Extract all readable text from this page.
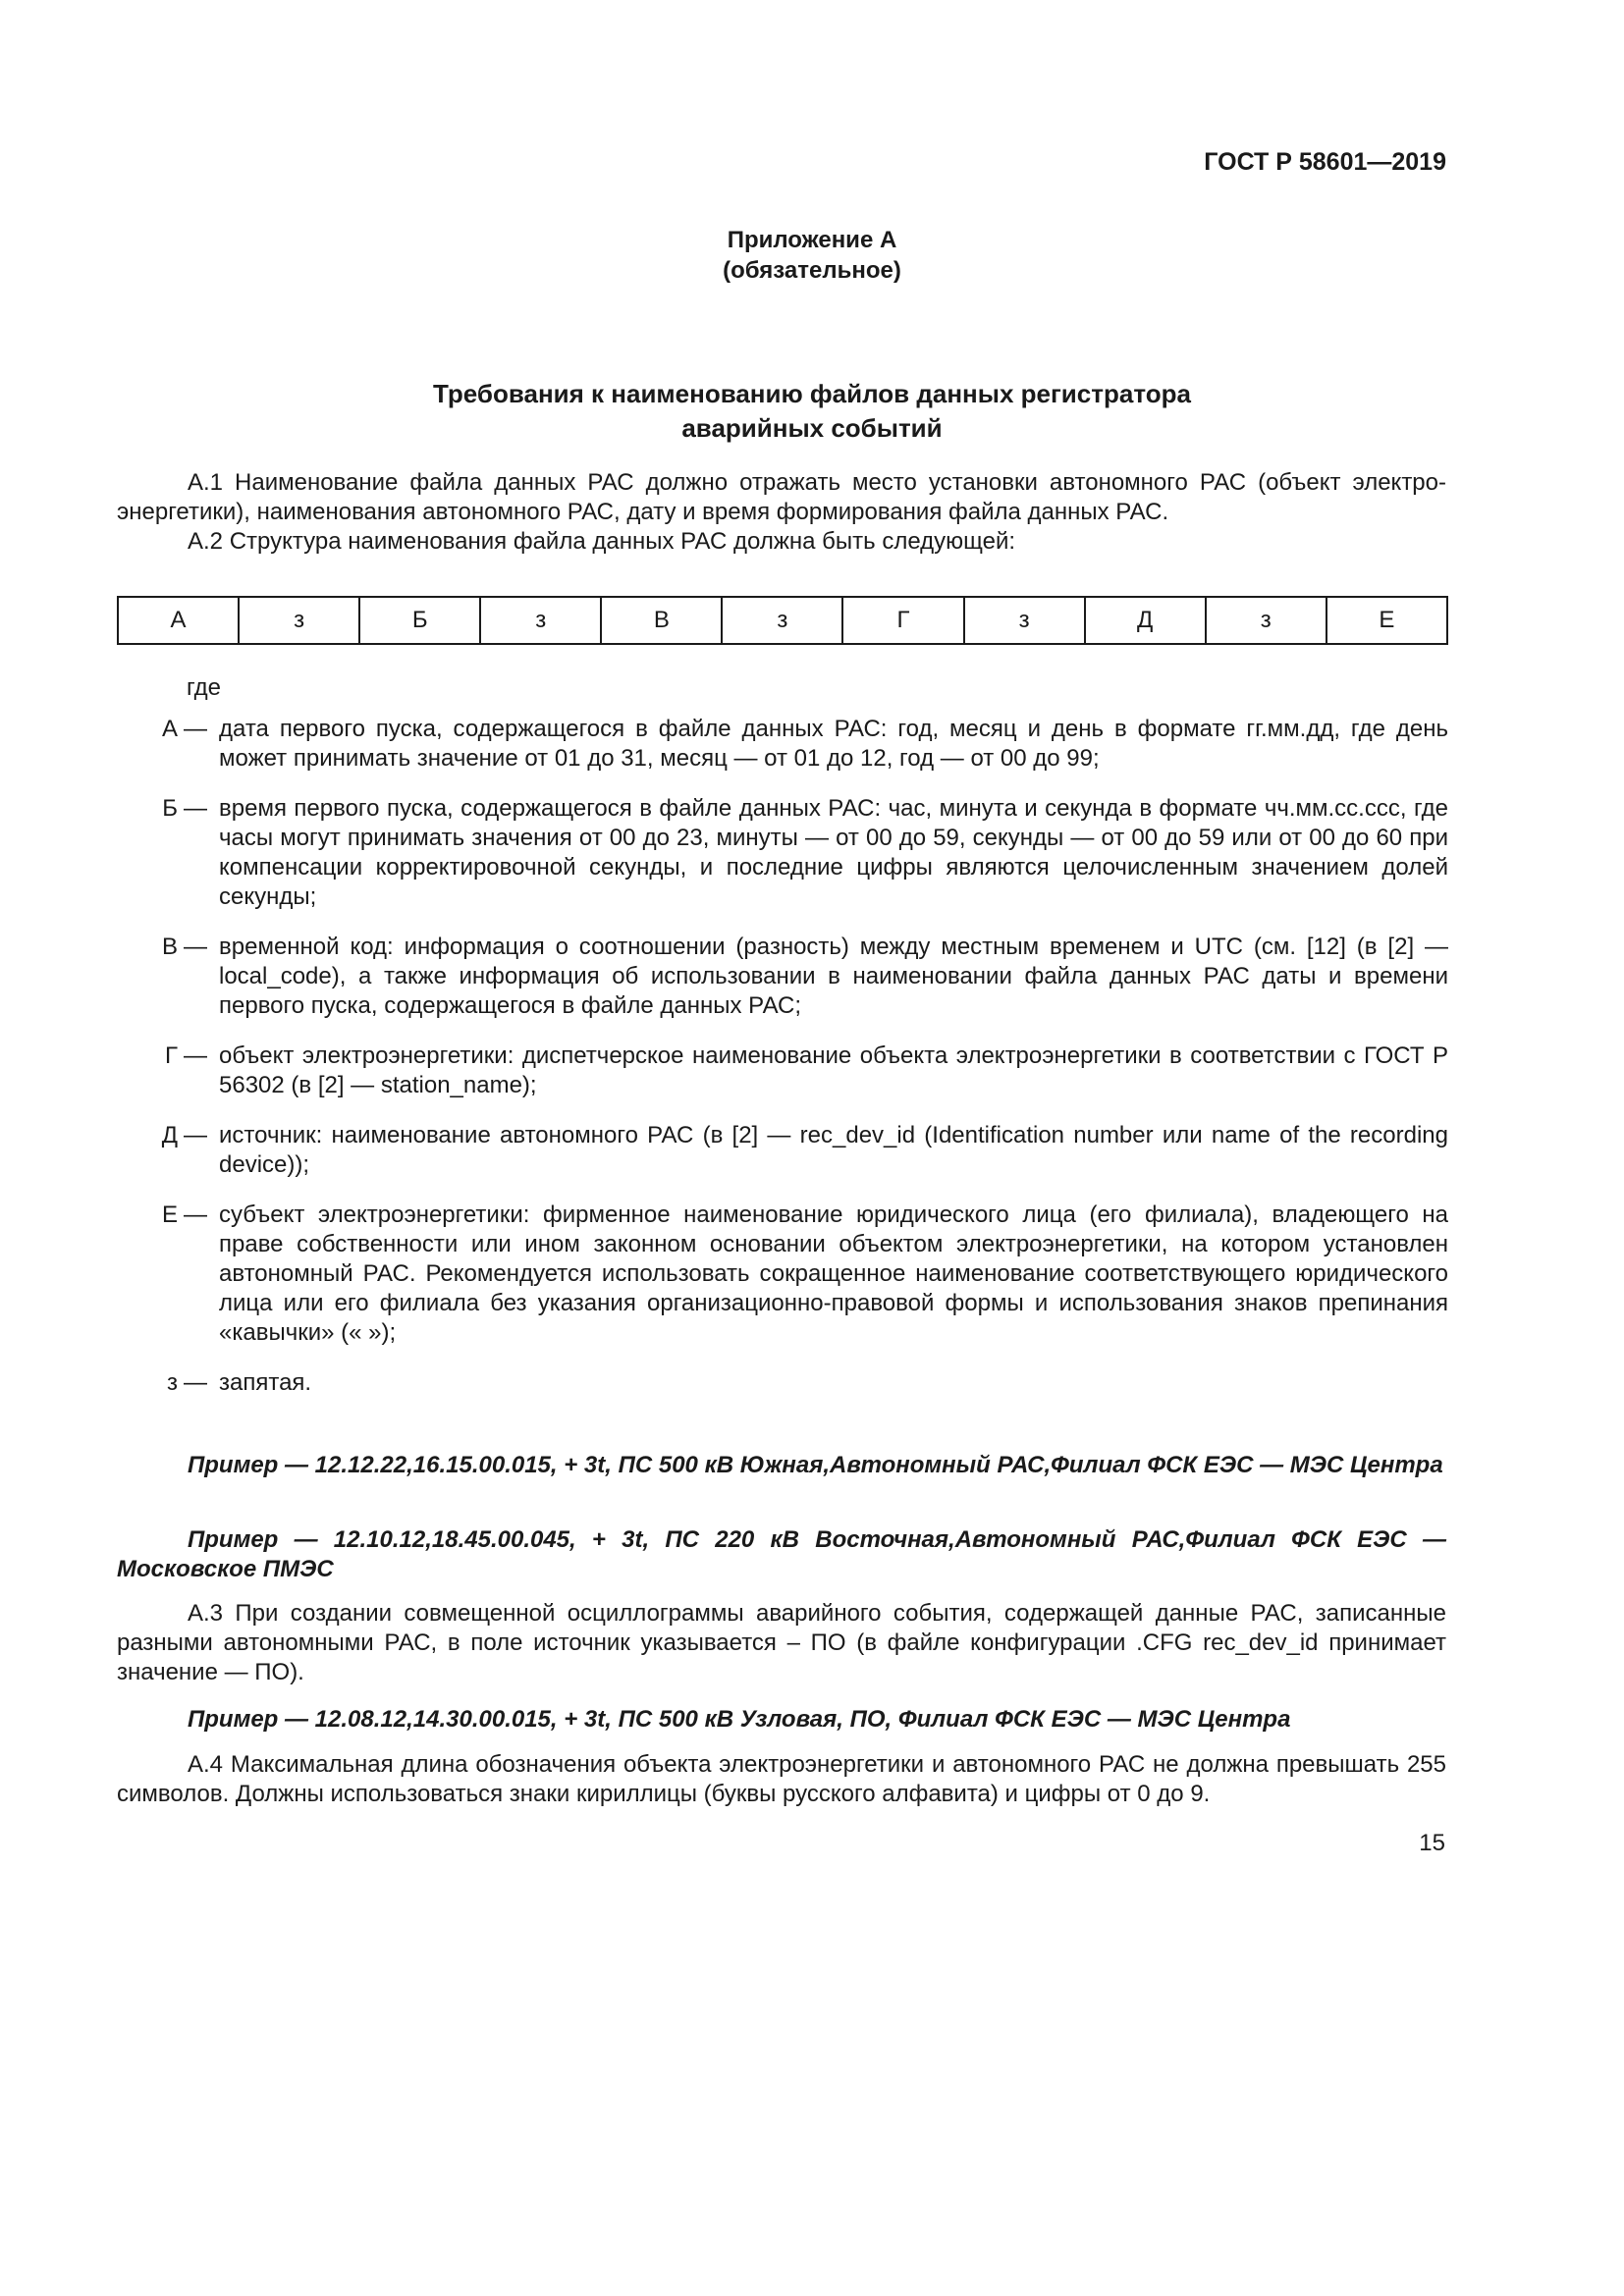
ГОСТ Р 58601—2019
Приложение А
(обязательное)
Требования к наименованию файлов данных регистратора
аварийных событий
А.1 Наименование файла данных РАС должно отражать место установки автономного РАС (объект электро-энергетики), наименования автономного РАС, дату и время формирования файла данных РАС.
А.2 Структура наименования файла данных РАС должна быть следующей:
А	з	Б	з	В	з	Г	з	Д	з	Е
где
А — дата первого пуска, содержащегося в файле данных РАС: год, месяц и день в формате гг.мм.дд, где день может принимать значение от 01 до 31, месяц — от 01 до 12, год — от 00 до 99;
Б — время первого пуска, содержащегося в файле данных РАС: час, минута и секунда в формате чч.мм.сс.ссс, где часы могут принимать значения от 00 до 23, минуты — от 00 до 59, секунды — от 00 до 59 или от 00 до 60 при компенсации корректировочной секунды, и последние цифры являются целочисленным значением долей секунды;
В — временной код: информация о соотношении (разность) между местным временем и UTC (см. [12] (в [2] — local_code), а также информация об использовании в наименовании файла данных РАС даты и времени первого пуска, содержащегося в файле данных РАС;
Г — объект электроэнергетики: диспетчерское наименование объекта электроэнергетики в соответствии с ГОСТ Р 56302 (в [2] — station_name);
Д — источник: наименование автономного РАС (в [2] — rec_dev_id (Identification number или name of the recording device));
Е — субъект электроэнергетики: фирменное наименование юридического лица (его филиала), владеющего на праве собственности или ином законном основании объектом электроэнергетики, на котором установлен автономный РАС. Рекомендуется использовать сокращенное наименование соответствующего юридического лица или его филиала без указания организационно-правовой формы и использования знаков препинания «кавычки» (« »);
з — запятая.
Пример — 12.12.22,16.15.00.015, + 3t, ПС 500 кВ Южная,Автономный РАС,Филиал ФСК ЕЭС — МЭС Центра
Пример — 12.10.12,18.45.00.045, + 3t, ПС 220 кВ Восточная,Автономный РАС,Филиал ФСК ЕЭС — Московское ПМЭС
А.3 При создании совмещенной осциллограммы аварийного события, содержащей данные РАС, записанные разными автономными РАС, в поле источник указывается – ПО (в файле конфигурации .CFG rec_dev_id принимает значение — ПО).
Пример — 12.08.12,14.30.00.015, + 3t, ПС 500 кВ Узловая, ПО, Филиал ФСК ЕЭС — МЭС Центра
А.4 Максимальная длина обозначения объекта электроэнергетики и автономного РАС не должна превышать 255 символов. Должны использоваться знаки кириллицы (буквы русского алфавита) и цифры от 0 до 9.
15
